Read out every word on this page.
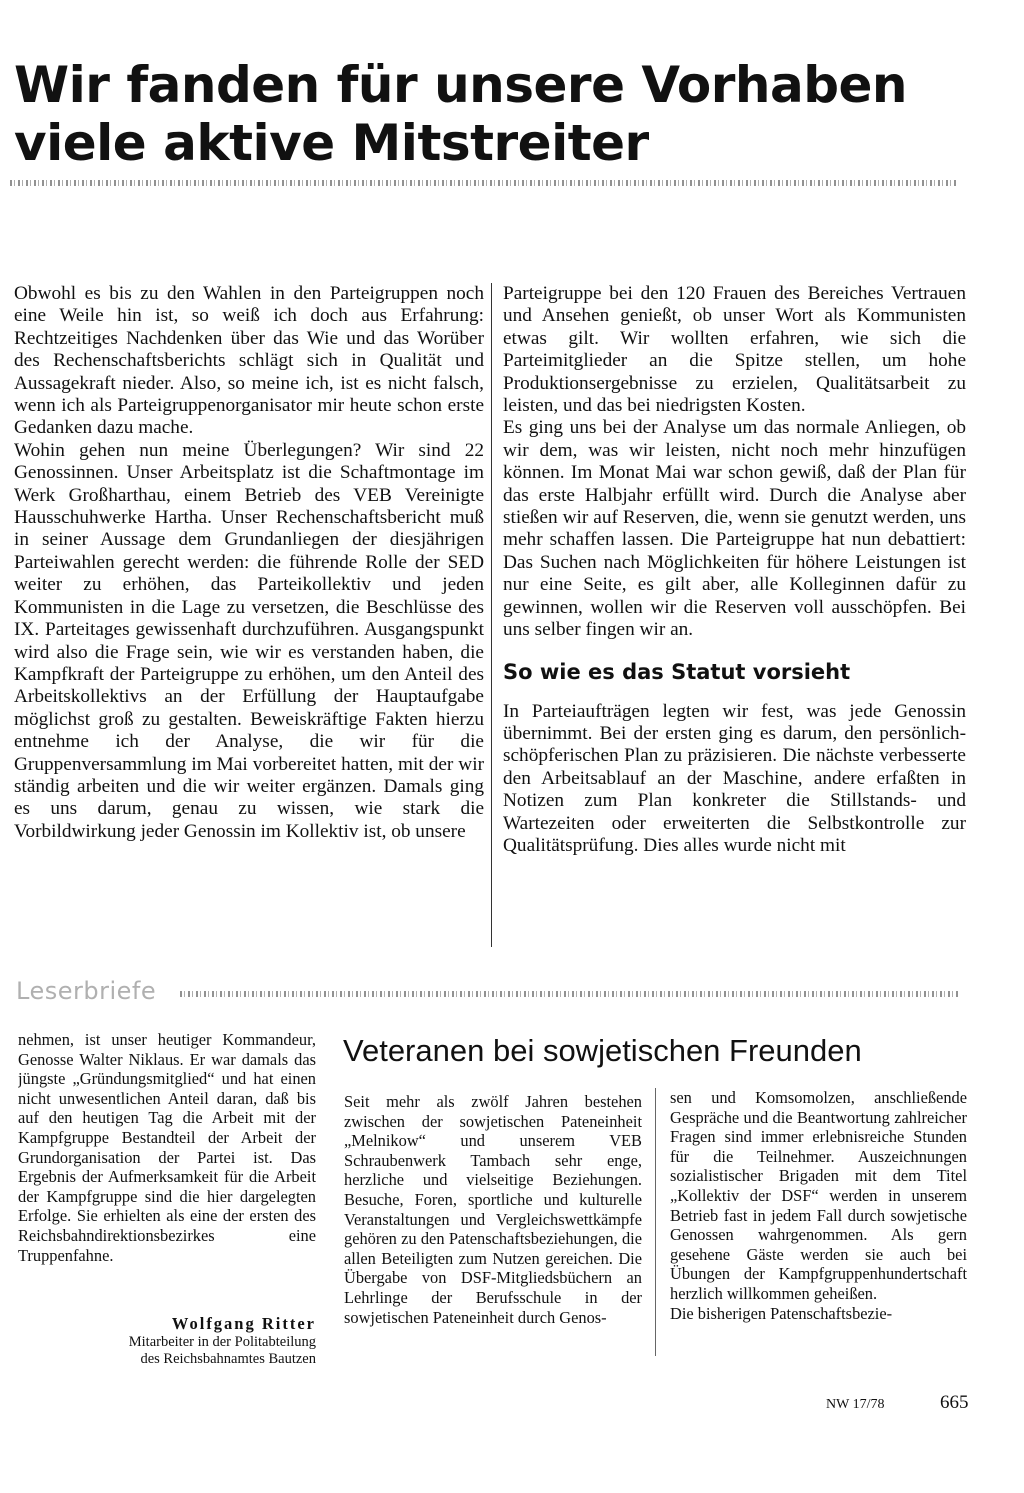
Wir fanden für unsere Vorhaben
viele aktive Mitstreiter

Obwohl es bis zu den Wahlen in den Parteigruppen noch eine Weile hin ist, so weiß ich doch aus Erfahrung: Rechtzeitiges Nachdenken über das Wie und das Worüber des Rechenschaftsberichts schlägt sich in Qualität und Aussagekraft nieder. Also, so meine ich, ist es nicht falsch, wenn ich als Parteigruppenorganisator mir heute schon erste Gedanken dazu mache.

Wohin gehen nun meine Überlegungen? Wir sind 22 Genossinnen. Unser Arbeitsplatz ist die Schaftmontage im Werk Großharthau, einem Betrieb des VEB Vereinigte Hausschuhwerke Hartha. Unser Rechenschaftsbericht muß in seiner Aussage dem Grundanliegen der diesjährigen Parteiwahlen gerecht werden: die führende Rolle der SED weiter zu erhöhen, das Parteikollektiv und jeden Kommunisten in die Lage zu versetzen, die Beschlüsse des IX. Parteitages gewissenhaft durchzuführen. Ausgangspunkt wird also die Frage sein, wie wir es verstanden haben, die Kampfkraft der Parteigruppe zu erhöhen, um den Anteil des Arbeitskollektivs an der Erfüllung der Hauptaufgabe möglichst groß zu gestalten. Beweiskräftige Fakten hierzu entnehme ich der Analyse, die wir für die Gruppenversammlung im Mai vorbereitet hatten, mit der wir ständig arbeiten und die wir weiter ergänzen. Damals ging es uns darum, genau zu wissen, wie stark die Vorbildwirkung jeder Genossin im Kollektiv ist, ob unsere

Parteigruppe bei den 120 Frauen des Bereiches Vertrauen und Ansehen genießt, ob unser Wort als Kommunisten etwas gilt. Wir wollten erfahren, wie sich die Parteimitglieder an die Spitze stellen, um hohe Produktionsergebnisse zu erzielen, Qualitätsarbeit zu leisten, und das bei niedrigsten Kosten.

Es ging uns bei der Analyse um das normale Anliegen, ob wir dem, was wir leisten, nicht noch mehr hinzufügen können. Im Monat Mai war schon gewiß, daß der Plan für das erste Halbjahr erfüllt wird. Durch die Analyse aber stießen wir auf Reserven, die, wenn sie genutzt werden, uns mehr schaffen lassen. Die Parteigruppe hat nun debattiert: Das Suchen nach Möglichkeiten für höhere Leistungen ist nur eine Seite, es gilt aber, alle Kolleginnen dafür zu gewinnen, wollen wir die Reserven voll ausschöpfen. Bei uns selber fingen wir an.

So wie es das Statut vorsieht

In Parteiaufträgen legten wir fest, was jede Genossin übernimmt. Bei der ersten ging es darum, den persönlich-schöpferischen Plan zu präzisieren. Die nächste verbesserte den Arbeitsablauf an der Maschine, andere erfaßten in Notizen zum Plan konkreter die Stillstands- und Wartezeiten oder erweiterten die Selbstkontrolle zur Qualitätsprüfung. Dies alles wurde nicht mit

Leserbriefe

nehmen, ist unser heutiger Kommandeur, Genosse Walter Niklaus. Er war damals das jüngste „Gründungsmitglied“ und hat einen nicht unwesentlichen Anteil daran, daß bis auf den heutigen Tag die Arbeit mit der Kampfgruppe Bestandteil der Arbeit der Grundorganisation der Partei ist. Das Ergebnis der Aufmerksamkeit für die Arbeit der Kampfgruppe sind die hier dargelegten Erfolge. Sie erhielten als eine der ersten des Reichsbahndirektionsbezirkes eine Truppenfahne.

Wolfgang Ritter
Mitarbeiter in der Politabteilung
des Reichsbahnamtes Bautzen
Veteranen bei sowjetischen Freunden

Seit mehr als zwölf Jahren bestehen zwischen der sowjetischen Pateneinheit „Melnikow“ und unserem VEB Schraubenwerk Tambach sehr enge, herzliche und vielseitige Beziehungen. Besuche, Foren, sportliche und kulturelle Veranstaltungen und Vergleichswettkämpfe gehören zu den Patenschaftsbeziehungen, die allen Beteiligten zum Nutzen gereichen. Die Übergabe von DSF-Mitgliedsbüchern an Lehrlinge der Berufsschule in der sowjetischen Pateneinheit durch Genos-

sen und Komsomolzen, anschließende Gespräche und die Beantwortung zahlreicher Fragen sind immer erlebnisreiche Stunden für die Teilnehmer. Auszeichnungen sozialistischer Brigaden mit dem Titel „Kollektiv der DSF“ werden in unserem Betrieb fast in jedem Fall durch sowjetische Genossen wahrgenommen. Als gern gesehene Gäste werden sie auch bei Übungen der Kampfgruppenhundertschaft herzlich willkommen geheißen.

Die bisherigen Patenschaftsbezie-

NW 17/78	665
